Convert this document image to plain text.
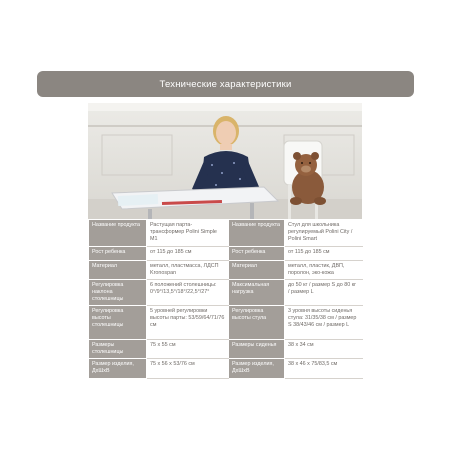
Технические характеристики
Название продукта	Растущая парта-трансформер Polini Simple M1	Название продукта	Стул для школьника регулируемый Polini City / Polini Smart
Рост ребенка	от 115 до 185 см	Рост ребенка	от 115 до 185 см
Материал	металл, пластмасса, ЛДСП Kronospan	Материал	металл, пластик, ДВП, поролон, эко-кожа
Регулировка наклона столешницы	6 положений столешницы: 0°/9°/13,5°/18°/22,5°/27°	Максимальная нагрузка	до 50 кг / размер S до 80 кг / размер L
Регулировка высоты столешницы	5 уровней регулировки высоты парты: 53/59/64/71/76 см	Регулировка высоты стула	3 уровня высоты сиденья стула: 31/35/38 см / размер S 38/43/46 см / размер L
Размеры столешницы	75 х 55 см	Размеры сиденья	38 х 34 см
Размер изделия, ДхШхВ	75 х 56 х 53/76 см	Размер изделия, ДхШхВ	38 х 46 х 75/83,5 см
